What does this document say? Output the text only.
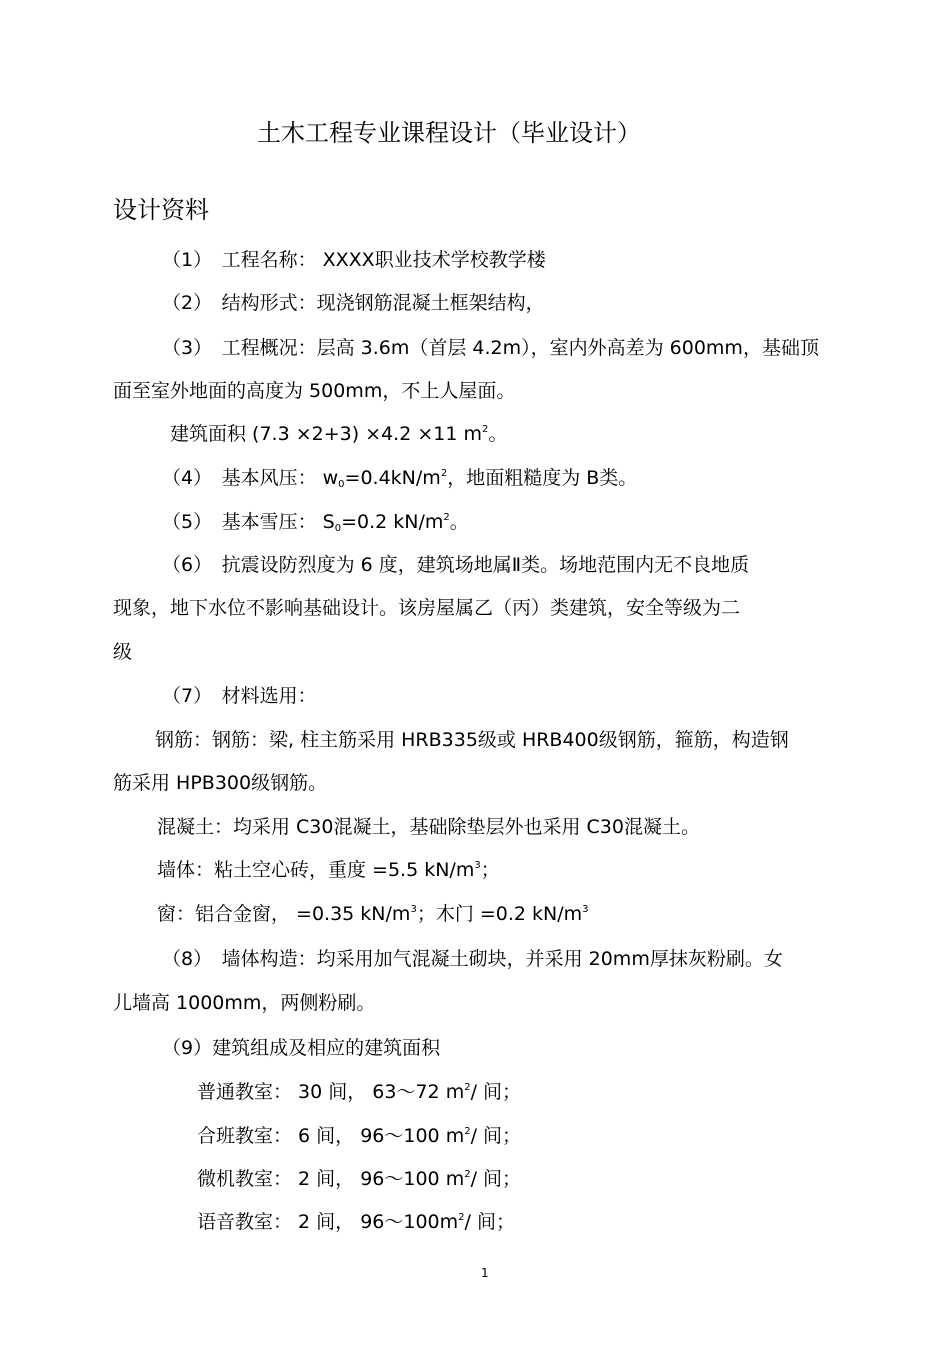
土木工程专业课程设计（毕业设计）
设计资料
（1）　工程名称： XXXX职业技术学校教学楼
（2）　结构形式：现浇钢筋混凝土框架结构，
（3）　工程概况：层高 3.6m（首层 4.2m），室内外高差为 600mm，基础顶
面至室外地面的高度为 500mm，不上人屋面。
建筑面积 (7.3 ×2+3) ×4.2 ×11 $m^2$。
（4）　基本风压： $w0=0.4kN/m^2$，地面粗糙度为 B类。
（5）　基本雪压： S0=0.2 $kN/m^2$。
（6）　抗震设防烈度为 6 度，建筑场地属Ⅱ类。场地范围内无不良地质
现象，地下水位不影响基础设计。该房屋属乙（丙）类建筑，安全等级为二
级
（7）　材料选用：
钢筋：钢筋：梁, 柱主筋采用 HRB335级或 HRB400级钢筋，箍筋，构造钢
筋采用 HPB300级钢筋。
混凝土：均采用 C30混凝土，基础除垫层外也采用 C30混凝土。
墙体：粘土空心砖，重度 =5.5 $kN/m^3$；
窗：铝合金窗， =0.35 $kN/m^3$；木门 =0.2 $kN/m^3$
（8）　墙体构造：均采用加气混凝土砌块，并采用 20mm厚抹灰粉刷。女
儿墙高 1000mm，两侧粉刷。
（9）建筑组成及相应的建筑面积
普通教室： 30 间， 63～72 $m^2/$ 间；
合班教室： 6 间， 96～100 $m^2/$ 间；
微机教室： 2 间， 96～100 $m^2/$ 间；
语音教室： 2 间， $96\sim 100m^2/$ 间；
1
